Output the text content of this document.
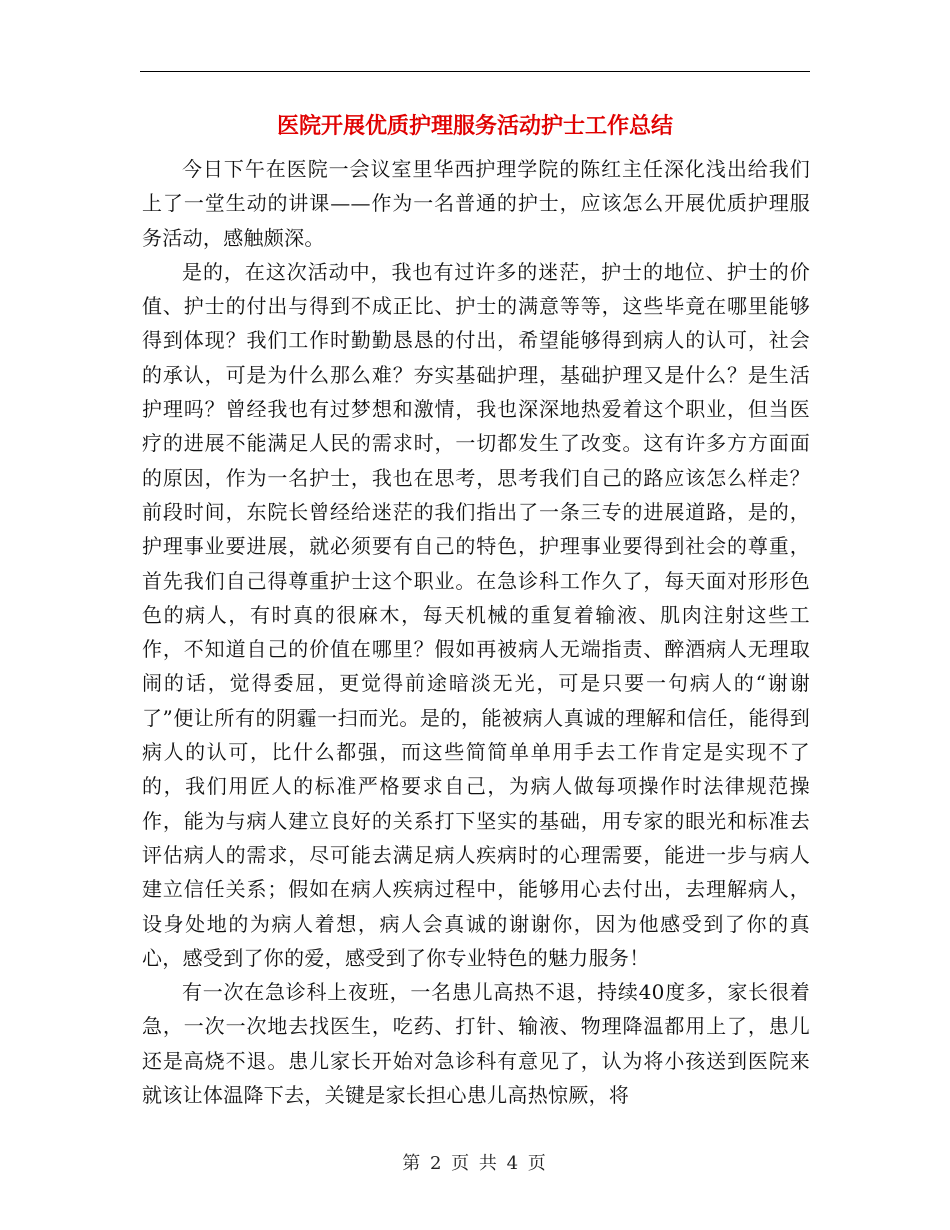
医院开展优质护理服务活动护士工作总结

今日下午在医院一会议室里华西护理学院的陈红主任深化浅出给我们上了一堂生动的讲课——作为一名普通的护士，应该怎么开展优质护理服务活动，感触颇深。

是的，在这次活动中，我也有过许多的迷茫，护士的地位、护士的价值、护士的付出与得到不成正比、护士的满意等等，这些毕竟在哪里能够得到体现？我们工作时勤勤恳恳的付出，希望能够得到病人的认可，社会的承认，可是为什么那么难？夯实基础护理，基础护理又是什么？是生活护理吗？曾经我也有过梦想和激情，我也深深地热爱着这个职业，但当医疗的进展不能满足人民的需求时，一切都发生了改变。这有许多方方面面的原因，作为一名护士，我也在思考，思考我们自己的路应该怎么样走？前段时间，东院长曾经给迷茫的我们指出了一条三专的进展道路，是的，护理事业要进展，就必须要有自己的特色，护理事业要得到社会的尊重，首先我们自己得尊重护士这个职业。在急诊科工作久了，每天面对形形色色的病人，有时真的很麻木，每天机械的重复着输液、肌肉注射这些工作，不知道自己的价值在哪里？假如再被病人无端指责、醉酒病人无理取闹的话，觉得委屈，更觉得前途暗淡无光，可是只要一句病人的“谢谢了”便让所有的阴霾一扫而光。是的，能被病人真诚的理解和信任，能得到病人的认可，比什么都强，而这些简简单单用手去工作肯定是实现不了的，我们用匠人的标准严格要求自己，为病人做每项操作时法律规范操作，能为与病人建立良好的关系打下坚实的基础，用专家的眼光和标准去评估病人的需求，尽可能去满足病人疾病时的心理需要，能进一步与病人建立信任关系；假如在病人疾病过程中，能够用心去付出，去理解病人，设身处地的为病人着想，病人会真诚的谢谢你，因为他感受到了你的真心，感受到了你的爱，感受到了你专业特色的魅力服务！

有一次在急诊科上夜班，一名患儿高热不退，持续40度多，家长很着急，一次一次地去找医生，吃药、打针、输液、物理降温都用上了，患儿还是高烧不退。患儿家长开始对急诊科有意见了，认为将小孩送到医院来就该让体温降下去，关键是家长担心患儿高热惊厥，将

第 2 页 共 4 页
